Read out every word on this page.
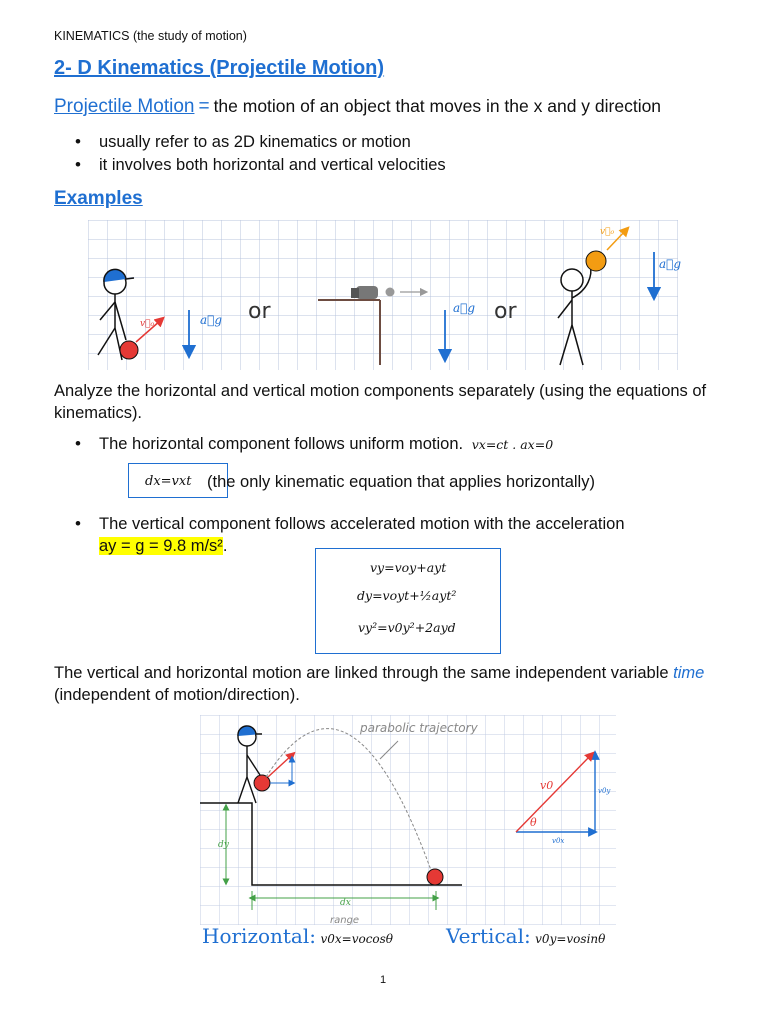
KINEMATICS (the study of motion)
2- D Kinematics (Projectile Motion)
Projectile Motion = the motion of an object that moves in the x and y direction
• usually refer to as 2D kinematics or motion
• it involves both horizontal and vertical velocities
Examples
v⃗₀	a⃗g or	a⃗g or
v⃗₀
a⃗g
Analyze the horizontal and vertical motion components separately (using the equations of kinematics).
• The horizontal component follows uniform motion. vx=ct . ax=0
dx=vxt (the only kinematic equation that applies horizontally)
• The vertical component follows accelerated motion with the acceleration
ay = g = 9.8 m/s².
vy=voy+ayt
dy=voyt+½ayt²
vy²=v0y²+2ayd
The vertical and horizontal motion are linked through the same independent variable time (independent of motion/direction).
parabolic trajectory
dy
dx
range
v0
θ
v0x
v0y
Horizontal: v0x=vocosθ	Vertical: v0y=vosinθ
1
